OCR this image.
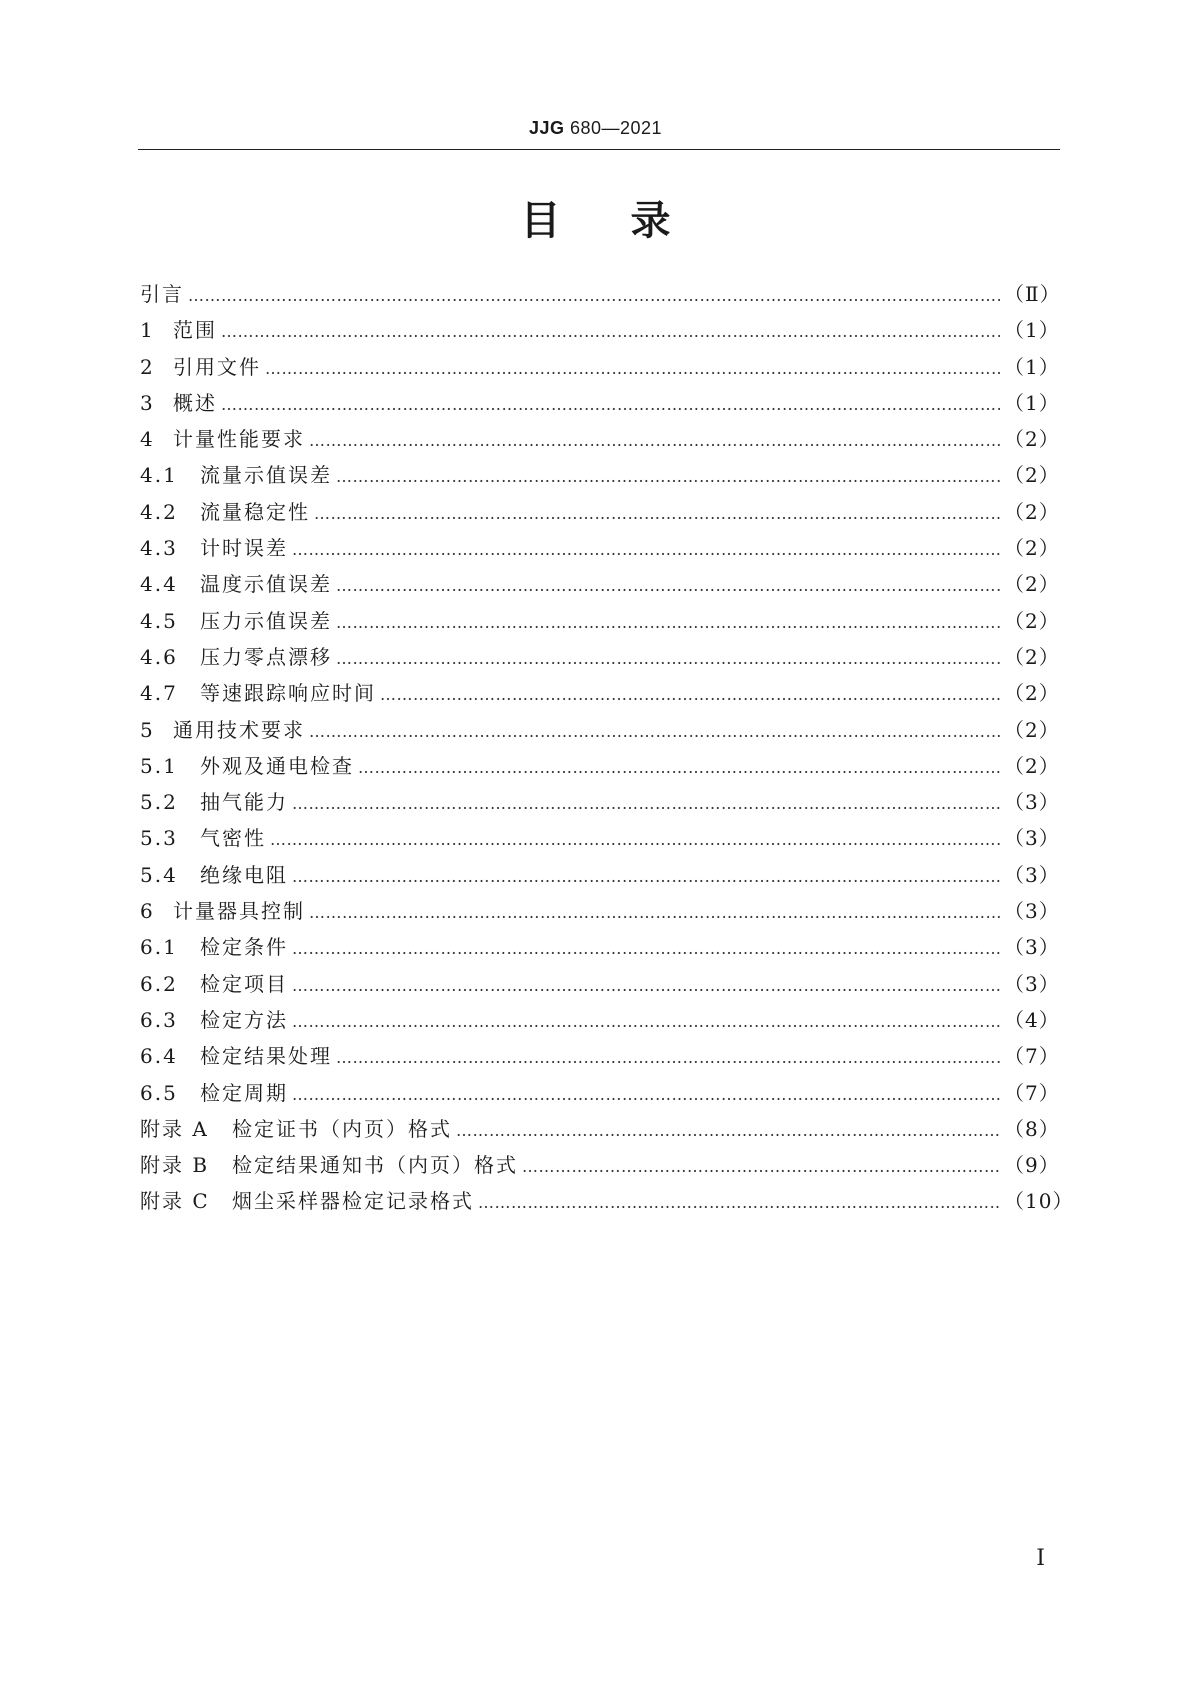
JJG 680—2021
目 录
引言 ……………………………………………………………………………………………………………………………………………………………………………………………………………………………………	（Ⅱ）
1 范围 ……………………………………………………………………………………………………………………………………………………………………………………………………………………………………	（1）
2 引用文件 ……………………………………………………………………………………………………………………………………………………………………………………………………………………………………	（1）
3 概述 ……………………………………………………………………………………………………………………………………………………………………………………………………………………………………	（1）
4 计量性能要求 ……………………………………………………………………………………………………………………………………………………………………………………………………………………………………	（2）
4.1	流量示值误差 ……………………………………………………………………………………………………………………………………………………………………………………………………………………………………	（2）
4.2	流量稳定性 ……………………………………………………………………………………………………………………………………………………………………………………………………………………………………	（2）
4.3	计时误差 ……………………………………………………………………………………………………………………………………………………………………………………………………………………………………	（2）
4.4	温度示值误差 ……………………………………………………………………………………………………………………………………………………………………………………………………………………………………	（2）
4.5	压力示值误差 ……………………………………………………………………………………………………………………………………………………………………………………………………………………………………	（2）
4.6	压力零点漂移 ……………………………………………………………………………………………………………………………………………………………………………………………………………………………………	（2）
4.7	等速跟踪响应时间 ……………………………………………………………………………………………………………………………………………………………………………………………………………………………………	（2）
5 通用技术要求 ……………………………………………………………………………………………………………………………………………………………………………………………………………………………………	（2）
5.1	外观及通电检查 ……………………………………………………………………………………………………………………………………………………………………………………………………………………………………	（2）
5.2	抽气能力 ……………………………………………………………………………………………………………………………………………………………………………………………………………………………………	（3）
5.3	气密性 ……………………………………………………………………………………………………………………………………………………………………………………………………………………………………	（3）
5.4	绝缘电阻 ……………………………………………………………………………………………………………………………………………………………………………………………………………………………………	（3）
6 计量器具控制 ……………………………………………………………………………………………………………………………………………………………………………………………………………………………………	（3）
6.1	检定条件 ……………………………………………………………………………………………………………………………………………………………………………………………………………………………………	（3）
6.2	检定项目 ……………………………………………………………………………………………………………………………………………………………………………………………………………………………………	（3）
6.3	检定方法 ……………………………………………………………………………………………………………………………………………………………………………………………………………………………………	（4）
6.4	检定结果处理 ……………………………………………………………………………………………………………………………………………………………………………………………………………………………………	（7）
6.5	检定周期 ……………………………………………………………………………………………………………………………………………………………………………………………………………………………………	（7）
附录 A	检定证书（内页）格式 ……………………………………………………………………………………………………………………………………………………………………………………………………………………………………	（8）
附录 B	检定结果通知书（内页）格式 ……………………………………………………………………………………………………………………………………………………………………………………………………………………………………	（9）
附录 C	烟尘采样器检定记录格式 ……………………………………………………………………………………………………………………………………………………………………………………………………………………………………	（10）
Ⅰ
